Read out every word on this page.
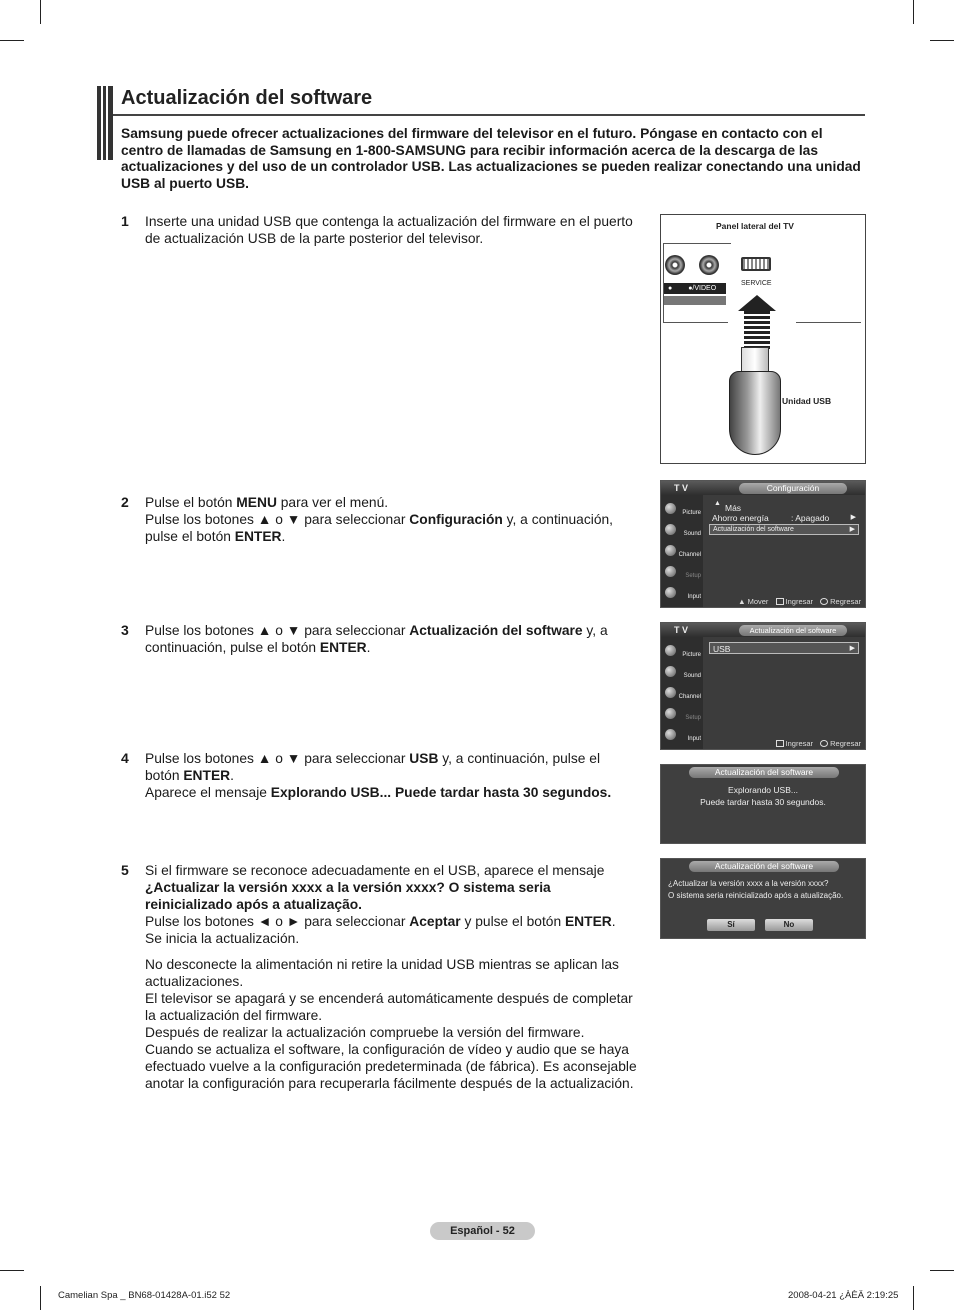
Actualización del software
Samsung puede ofrecer actualizaciones del firmware del televisor en el futuro. Póngase en contacto con el centro de llamadas de Samsung en 1-800-SAMSUNG para recibir información acerca de la descarga de las actualizaciones y del uso de un controlador USB. Las actualizaciones se pueden realizar conectando una unidad USB al puerto USB.
1 Inserte una unidad USB que contenga la actualización del firmware en el puerto de actualización USB de la parte posterior del televisor.
Panel lateral del TV
● ●/VIDEO
SERVICE
Unidad USB
2 Pulse el botón MENU para ver el menú.
Pulse los botones ▲ o ▼ para seleccionar Configuración y, a continuación, pulse el botón ENTER.
T V	Configuración
Picture
Sound
Channel
Setup
Input
▲ Más
Ahorro energía	: Apagado	▶
Actualización del software	▶
▲ Mover Ingresar Regresar
3 Pulse los botones ▲ o ▼ para seleccionar Actualización del software y, a continuación, pulse el botón ENTER.
T V	Actualización del software
Picture
Sound
Channel
Setup
Input
USB	▶
Ingresar Regresar
4 Pulse los botones ▲ o ▼ para seleccionar USB y, a continuación, pulse el botón ENTER.
Aparece el mensaje Explorando USB... Puede tardar hasta 30 segundos.
Actualización del software
Explorando USB...
Puede tardar hasta 30 segundos.
5 Si el firmware se reconoce adecuadamente en el USB, aparece el mensaje
¿Actualizar la versión xxxx a la versión xxxx? O sistema seria reinicializado após a atualização.
Pulse los botones ◄ o ► para seleccionar Aceptar y pulse el botón ENTER.
Se inicia la actualización.
No desconecte la alimentación ni retire la unidad USB mientras se aplican las actualizaciones.
El televisor se apagará y se encenderá automáticamente después de completar la actualización del firmware.
Después de realizar la actualización compruebe la versión del firmware.
Cuando se actualiza el software, la configuración de vídeo y audio que se haya efectuado vuelve a la configuración predeterminada (de fábrica). Es aconsejable anotar la configuración para recuperarla fácilmente después de la actualización.
Actualización del software
¿Actualizar la versión xxxx a la versión xxxx?
O sistema seria reinicializado após a atualização.
Sí	No
Español - 52
Camelian Spa _ BN68-01428A-01.i52 52	2008-04-21 ¿ÀÈÄ 2:19:25
